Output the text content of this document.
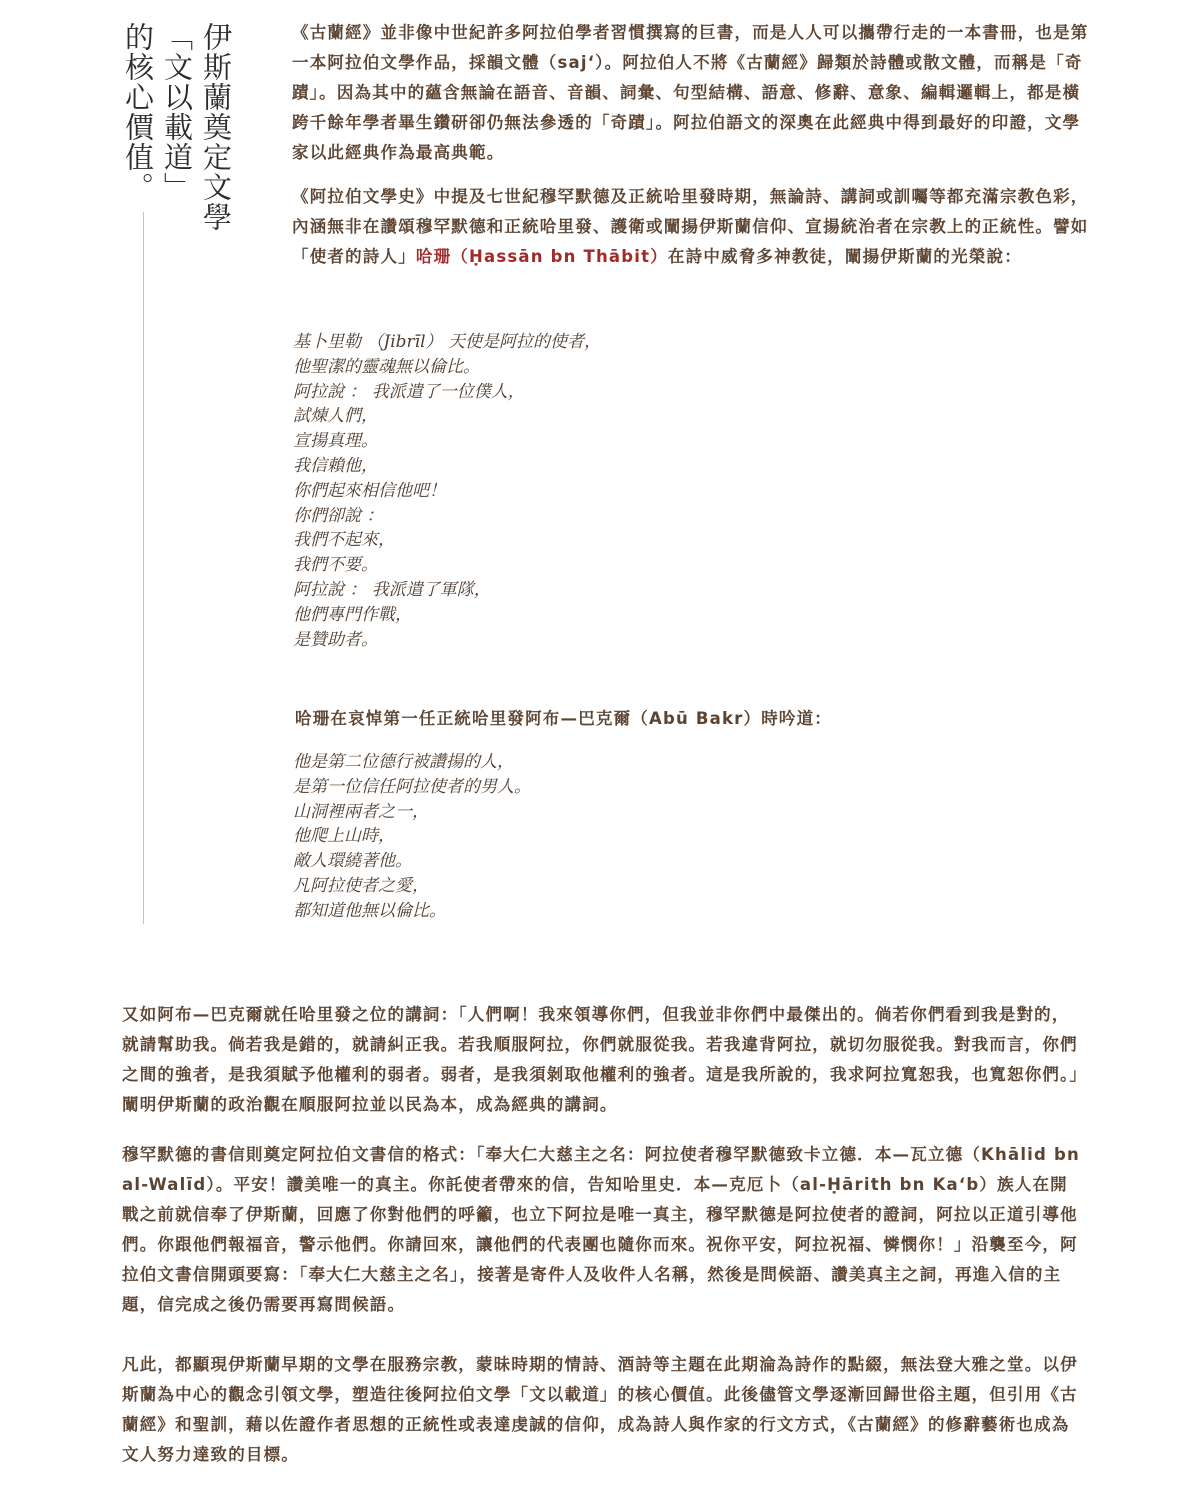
伊斯蘭奠定文學
「文以載道」
的核心價值。	《古蘭經》並非像中世紀許多阿拉伯學者習慣撰寫的巨書，而是人人可以攜帶行走的一本書冊，也是第一本阿拉伯文學作品，採韻文體（saj‘）。阿拉伯人不將《古蘭經》歸類於詩體或散文體，而稱是「奇蹟」。因為其中的蘊含無論在語音、音韻、詞彙、句型結構、語意、修辭、意象、編輯邏輯上，都是橫跨千餘年學者畢生鑽研卻仍無法參透的「奇蹟」。阿拉伯語文的深奧在此經典中得到最好的印證，文學家以此經典作為最高典範。

《阿拉伯文學史》中提及七世紀穆罕默德及正統哈里發時期，無論詩、講詞或訓囑等都充滿宗教色彩，內涵無非在讚頌穆罕默德和正統哈里發、護衛或闡揚伊斯蘭信仰、宣揚統治者在宗教上的正統性。譬如「使者的詩人」哈珊（Ḥassān bn Thābit）在詩中威脅多神教徒，闡揚伊斯蘭的光榮說：

基卜里勒 （Jibrīl） 天使是阿拉的使者，
他聖潔的靈魂無以倫比。
阿拉說 ： 我派遣了一位僕人，
試煉人們，
宣揚真理。
我信賴他，
你們起來相信他吧！
你們卻說 ：
我們不起來，
我們不要。
阿拉說 ： 我派遣了軍隊，
他們專門作戰，
是贊助者。

哈珊在哀悼第一任正統哈里發阿布—巴克爾（Abū Bakr）時吟道：

他是第二位德行被讚揚的人，
是第一位信任阿拉使者的男人。
山洞裡兩者之一，
他爬上山時，
敵人環繞著他。
凡阿拉使者之愛，
都知道他無以倫比。

又如阿布—巴克爾就任哈里發之位的講詞：「人們啊！我來領導你們，但我並非你們中最傑出的。倘若你們看到我是對的，就請幫助我。倘若我是錯的，就請糾正我。若我順服阿拉，你們就服從我。若我違背阿拉，就切勿服從我。對我而言，你們之間的強者，是我須賦予他權利的弱者。弱者，是我須剝取他權利的強者。這是我所說的，我求阿拉寬恕我，也寬恕你們。」闡明伊斯蘭的政治觀在順服阿拉並以民為本，成為經典的講詞。

穆罕默德的書信則奠定阿拉伯文書信的格式：「奉大仁大慈主之名：阿拉使者穆罕默德致卡立德．本—瓦立德（Khālid bn al-Walīd）。平安！讚美唯一的真主。你託使者帶來的信，告知哈里史．本—克厄卜（al-Ḥārith bn Ka‘b）族人在開戰之前就信奉了伊斯蘭，回應了你對他們的呼籲，也立下阿拉是唯一真主，穆罕默德是阿拉使者的證詞，阿拉以正道引導他們。你跟他們報福音，警示他們。你請回來，讓他們的代表團也隨你而來。祝你平安，阿拉祝福、憐憫你！」沿襲至今，阿拉伯文書信開頭要寫：「奉大仁大慈主之名」，接著是寄件人及收件人名稱，然後是問候語、讚美真主之詞，再進入信的主題，信完成之後仍需要再寫問候語。

凡此，都顯現伊斯蘭早期的文學在服務宗教，蒙昧時期的情詩、酒詩等主題在此期淪為詩作的點綴，無法登大雅之堂。以伊斯蘭為中心的觀念引領文學，塑造往後阿拉伯文學「文以載道」的核心價值。此後儘管文學逐漸回歸世俗主題，但引用《古蘭經》和聖訓，藉以佐證作者思想的正統性或表達虔誠的信仰，成為詩人與作家的行文方式，《古蘭經》的修辭藝術也成為文人努力達致的目標。
